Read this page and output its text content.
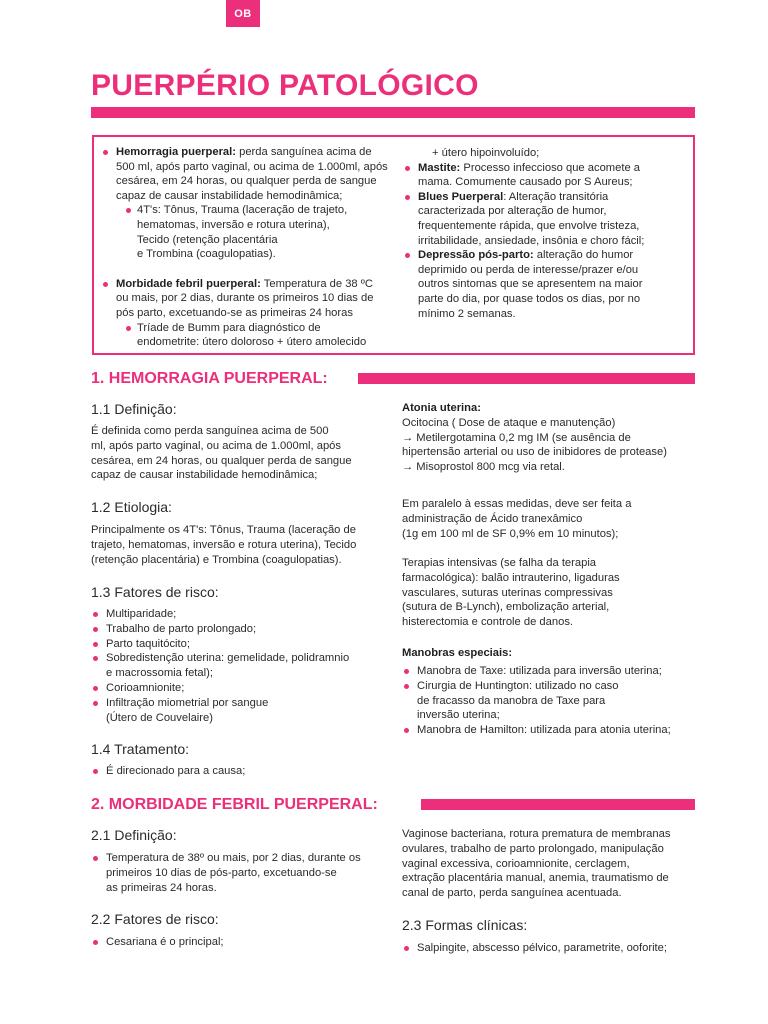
OB
PUERPÉRIO PATOLÓGICO
Hemorragia puerperal: perda sanguínea acima de
500 ml, após parto vaginal, ou acima de 1.000ml, após
cesárea, em 24 horas, ou qualquer perda de sangue
capaz de causar instabilidade hemodinâmica;
4T's: Tônus, Trauma (laceração de trajeto,
hematomas, inversão e rotura uterina),
Tecido (retenção placentária
e Trombina (coagulopatias).
Morbidade febril puerperal: Temperatura de 38 ºC
ou mais, por 2 dias, durante os primeiros 10 dias de
pós parto, excetuando-se as primeiras 24 horas
Tríade de Bumm para diagnóstico de
endometrite: útero doloroso + útero amolecido
+ útero hipoinvoluído;
Mastite: Processo infeccioso que acomete a
mama. Comumente causado por S Aureus;
Blues Puerperal: Alteração transitória
caracterizada por alteração de humor,
frequentemente rápida, que envolve tristeza,
irritabilidade, ansiedade, insônia e choro fácil;
Depressão pós-parto: alteração do humor
deprimido ou perda de interesse/prazer e/ou
outros sintomas que se apresentem na maior
parte do dia, por quase todos os dias, por no
mínimo 2 semanas.
1. HEMORRAGIA PUERPERAL:
1.1 Definição:
É definida como perda sanguínea acima de 500
ml, após parto vaginal, ou acima de 1.000ml, após
cesárea, em 24 horas, ou qualquer perda de sangue
capaz de causar instabilidade hemodinâmica;
1.2 Etiologia:
Principalmente os 4T's: Tônus, Trauma (laceração de
trajeto, hematomas, inversão e rotura uterina), Tecido
(retenção placentária) e Trombina (coagulopatias).
1.3 Fatores de risco:
Multiparidade;
Trabalho de parto prolongado;
Parto taquitócito;
Sobredistenção uterina: gemelidade, polidramnio
e macrossomia fetal);
Corioamnionite;
Infiltração miometrial por sangue
(Útero de Couvelaire)
1.4 Tratamento:
É direcionado para a causa;
Atonia uterina:
Ocitocina ( Dose de ataque e manutenção)
→ Metilergotamina 0,2 mg IM (se ausência de
hipertensão arterial ou uso de inibidores de protease)
→ Misoprostol 800 mcg via retal.
Em paralelo à essas medidas, deve ser feita a
administração de Ácido tranexâmico
(1g em 100 ml de SF 0,9% em 10 minutos);
Terapias intensivas (se falha da terapia
farmacológica): balão intrauterino, ligaduras
vasculares, suturas uterinas compressivas
(sutura de B-Lynch), embolização arterial,
histerectomia e controle de danos.
Manobras especiais:
Manobra de Taxe: utilizada para inversão uterina;
Cirurgia de Huntington: utilizado no caso
de fracasso da manobra de Taxe para
inversão uterina;
Manobra de Hamilton: utilizada para atonia uterina;
2. MORBIDADE FEBRIL PUERPERAL:
2.1 Definição:
Temperatura de 38º ou mais, por 2 dias, durante os
primeiros 10 dias de pós-parto, excetuando-se
as primeiras 24 horas.
2.2 Fatores de risco:
Cesariana é o principal;
Vaginose bacteriana, rotura prematura de membranas
ovulares, trabalho de parto prolongado, manipulação
vaginal excessiva, corioamnionite, cerclagem,
extração placentária manual, anemia, traumatismo de
canal de parto, perda sanguínea acentuada.
2.3 Formas clínicas:
Salpingite, abscesso pélvico, parametrite, ooforite;
